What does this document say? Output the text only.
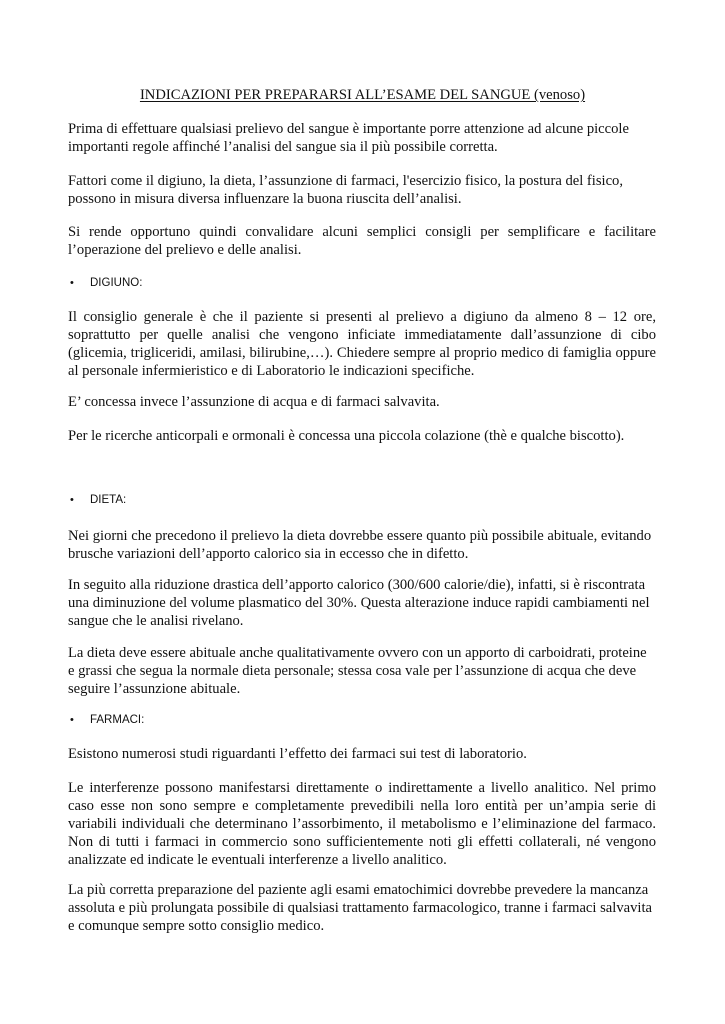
INDICAZIONI PER PREPARARSI ALL’ESAME DEL SANGUE (venoso)

Prima di effettuare qualsiasi prelievo del sangue è importante porre attenzione ad alcune piccole importanti regole affinché l’analisi del sangue sia il più possibile corretta.

Fattori come il digiuno, la dieta, l’assunzione di farmaci, l'esercizio fisico, la postura del fisico, possono in misura diversa influenzare la buona riuscita dell’analisi.

Si rende opportuno quindi convalidare alcuni semplici consigli per semplificare e facilitare l’operazione del prelievo e delle analisi.

• DIGIUNO:

Il consiglio generale è che il paziente si presenti al prelievo a digiuno da almeno 8 – 12 ore, soprattutto per quelle analisi che vengono inficiate immediatamente dall’assunzione di cibo (glicemia, trigliceridi, amilasi, bilirubine,…). Chiedere sempre al proprio medico di famiglia oppure al personale infermieristico e di Laboratorio le indicazioni specifiche.

E’ concessa invece l’assunzione di acqua e di farmaci salvavita.

Per le ricerche anticorpali e ormonali è concessa una piccola colazione (thè e qualche biscotto).

• DIETA:

Nei giorni che precedono il prelievo la dieta dovrebbe essere quanto più possibile abituale, evitando brusche variazioni dell’apporto calorico sia in eccesso che in difetto.

In seguito alla riduzione drastica dell’apporto calorico (300/600 calorie/die), infatti, si è riscontrata una diminuzione del volume plasmatico del 30%. Questa alterazione induce rapidi cambiamenti nel sangue che le analisi rivelano.

La dieta deve essere abituale anche qualitativamente ovvero con un apporto di carboidrati, proteine e grassi che segua la normale dieta personale; stessa cosa vale per l’assunzione di acqua che deve seguire l’assunzione abituale.

• FARMACI:

Esistono numerosi studi riguardanti l’effetto dei farmaci sui test di laboratorio.

Le interferenze possono manifestarsi direttamente o indirettamente a livello analitico. Nel primo caso esse non sono sempre e completamente prevedibili nella loro entità per un’ampia serie di variabili individuali che determinano l’assorbimento, il metabolismo e l’eliminazione del farmaco. Non di tutti i farmaci in commercio sono sufficientemente noti gli effetti collaterali, né vengono analizzate ed indicate le eventuali interferenze a livello analitico.

La più corretta preparazione del paziente agli esami ematochimici dovrebbe prevedere la mancanza assoluta e più prolungata possibile di qualsiasi trattamento farmacologico, tranne i farmaci salvavita e comunque sempre sotto consiglio medico.
